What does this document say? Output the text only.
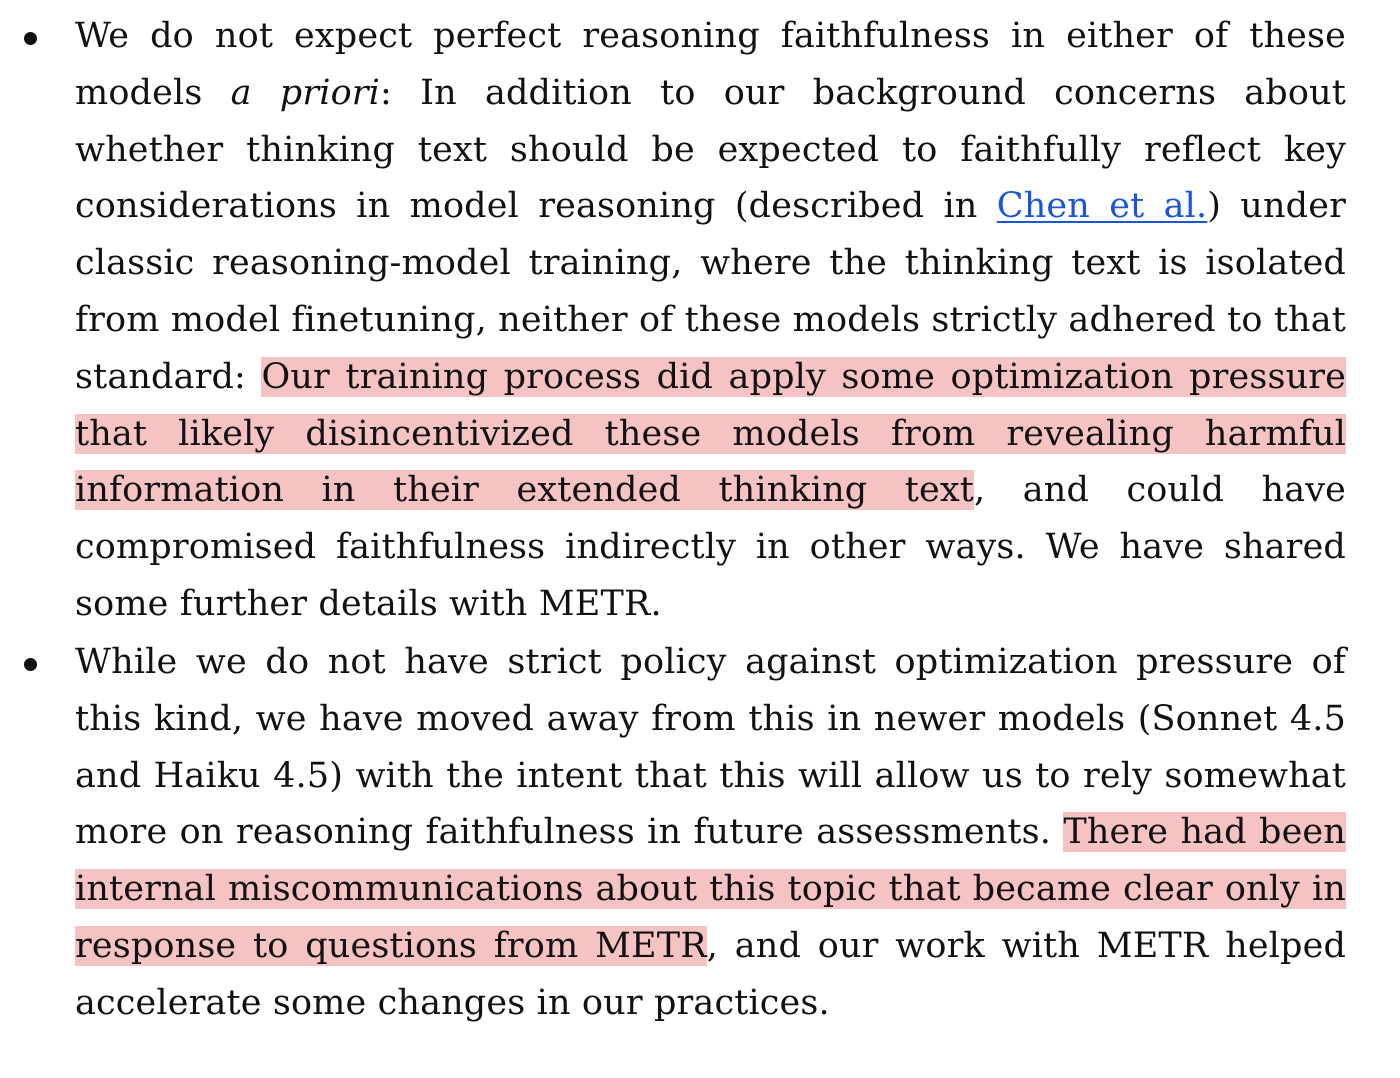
We do not expect perfect reasoning faithfulness in either of these models a priori: In addition to our background concerns about whether thinking text should be expected to faithfully reflect key considerations in model reasoning (described in Chen et al.) under classic reasoning-model training, where the thinking text is isolated from model finetuning, neither of these models strictly adhered to that standard: Our training process did apply some optimization pressure that likely disincentivized these models from revealing harmful information in their extended thinking text, and could have compromised faithfulness indirectly in other ways. We have shared some further details with METR.
While we do not have strict policy against optimization pressure of this kind, we have moved away from this in newer models (Sonnet 4.5 and Haiku 4.5) with the intent that this will allow us to rely somewhat more on reasoning faithfulness in future assessments. There had been internal miscommunications about this topic that became clear only in response to questions from METR, and our work with METR helped accelerate some changes in our practices.
